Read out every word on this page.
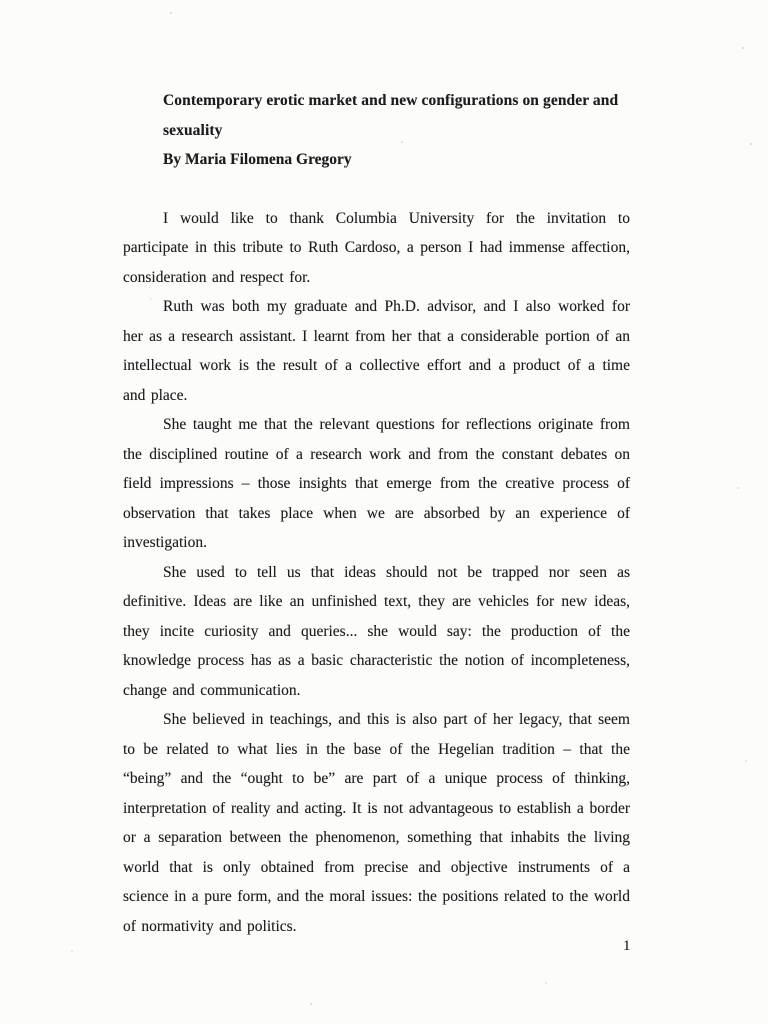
Contemporary erotic market and new configurations on gender and sexuality

By Maria Filomena Gregory

I would like to thank Columbia University for the invitation to participate in this tribute to Ruth Cardoso, a person I had immense affection, consideration and respect for.

Ruth was both my graduate and Ph.D. advisor, and I also worked for her as a research assistant. I learnt from her that a considerable portion of an intellectual work is the result of a collective effort and a product of a time and place.

She taught me that the relevant questions for reflections originate from the disciplined routine of a research work and from the constant debates on field impressions – those insights that emerge from the creative process of observation that takes place when we are absorbed by an experience of investigation.

She used to tell us that ideas should not be trapped nor seen as definitive. Ideas are like an unfinished text, they are vehicles for new ideas, they incite curiosity and queries... she would say: the production of the knowledge process has as a basic characteristic the notion of incompleteness, change and communication.

She believed in teachings, and this is also part of her legacy, that seem to be related to what lies in the base of the Hegelian tradition – that the “being” and the “ought to be” are part of a unique process of thinking, interpretation of reality and acting. It is not advantageous to establish a border or a separation between the phenomenon, something that inhabits the living world that is only obtained from precise and objective instruments of a science in a pure form, and the moral issues: the positions related to the world of normativity and politics.

1
